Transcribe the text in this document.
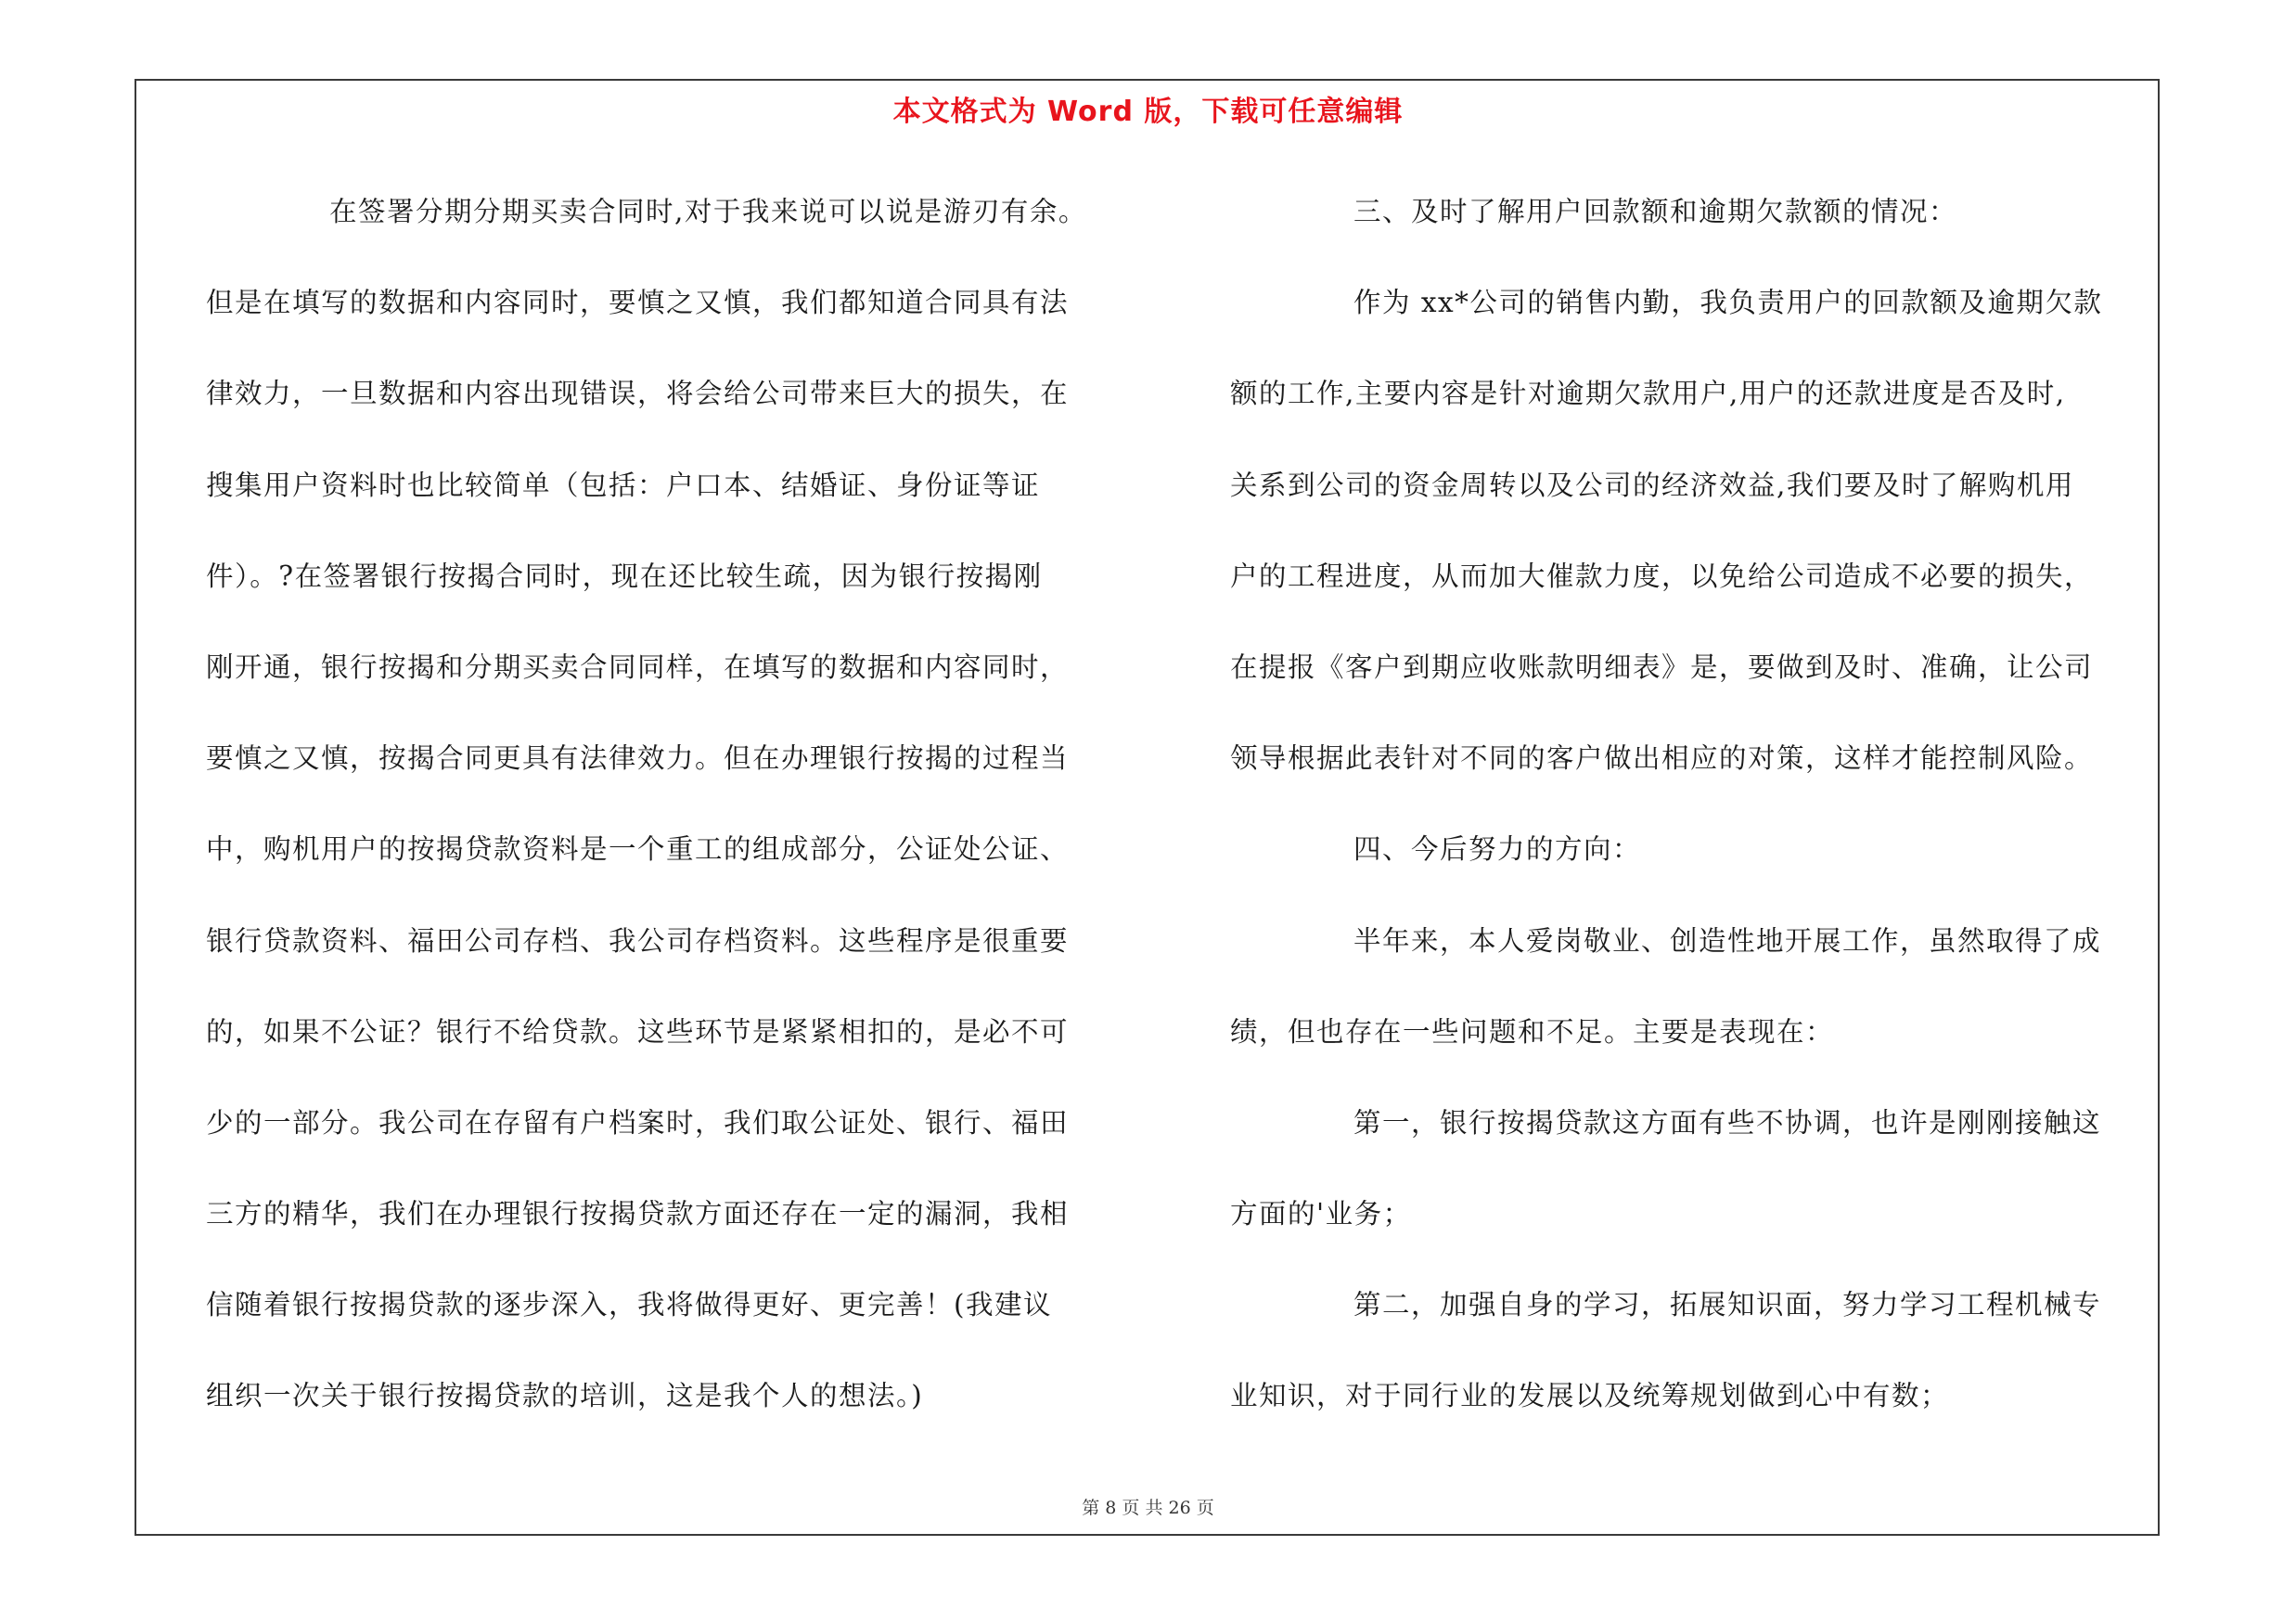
本文格式为 Word 版，下载可任意编辑
在签署分期分期买卖合同时,对于我来说可以说是游刃有余。
但是在填写的数据和内容同时，要慎之又慎，我们都知道合同具有法
律效力，一旦数据和内容出现错误，将会给公司带来巨大的损失，在
搜集用户资料时也比较简单（包括：户口本、结婚证、身份证等证
件）。?在签署银行按揭合同时，现在还比较生疏，因为银行按揭刚
刚开通，银行按揭和分期买卖合同同样，在填写的数据和内容同时，
要慎之又慎，按揭合同更具有法律效力。但在办理银行按揭的过程当
中，购机用户的按揭贷款资料是一个重工的组成部分，公证处公证、
银行贷款资料、福田公司存档、我公司存档资料。这些程序是很重要
的，如果不公证？银行不给贷款。这些环节是紧紧相扣的，是必不可
少的一部分。我公司在存留有户档案时，我们取公证处、银行、福田
三方的精华，我们在办理银行按揭贷款方面还存在一定的漏洞，我相
信随着银行按揭贷款的逐步深入，我将做得更好、更完善！(我建议
组织一次关于银行按揭贷款的培训，这是我个人的想法。)
三、及时了解用户回款额和逾期欠款额的情况：
作为 xx*公司的销售内勤，我负责用户的回款额及逾期欠款
额的工作,主要内容是针对逾期欠款用户,用户的还款进度是否及时,
关系到公司的资金周转以及公司的经济效益,我们要及时了解购机用
户的工程进度，从而加大催款力度，以免给公司造成不必要的损失，
在提报《客户到期应收账款明细表》是，要做到及时、准确，让公司
领导根据此表针对不同的客户做出相应的对策，这样才能控制风险。
四、今后努力的方向：
半年来，本人爱岗敬业、创造性地开展工作，虽然取得了成
绩，但也存在一些问题和不足。主要是表现在：
第一，银行按揭贷款这方面有些不协调，也许是刚刚接触这
方面的'业务；
第二，加强自身的学习，拓展知识面，努力学习工程机械专
业知识，对于同行业的发展以及统筹规划做到心中有数；
第 8 页 共 26 页
